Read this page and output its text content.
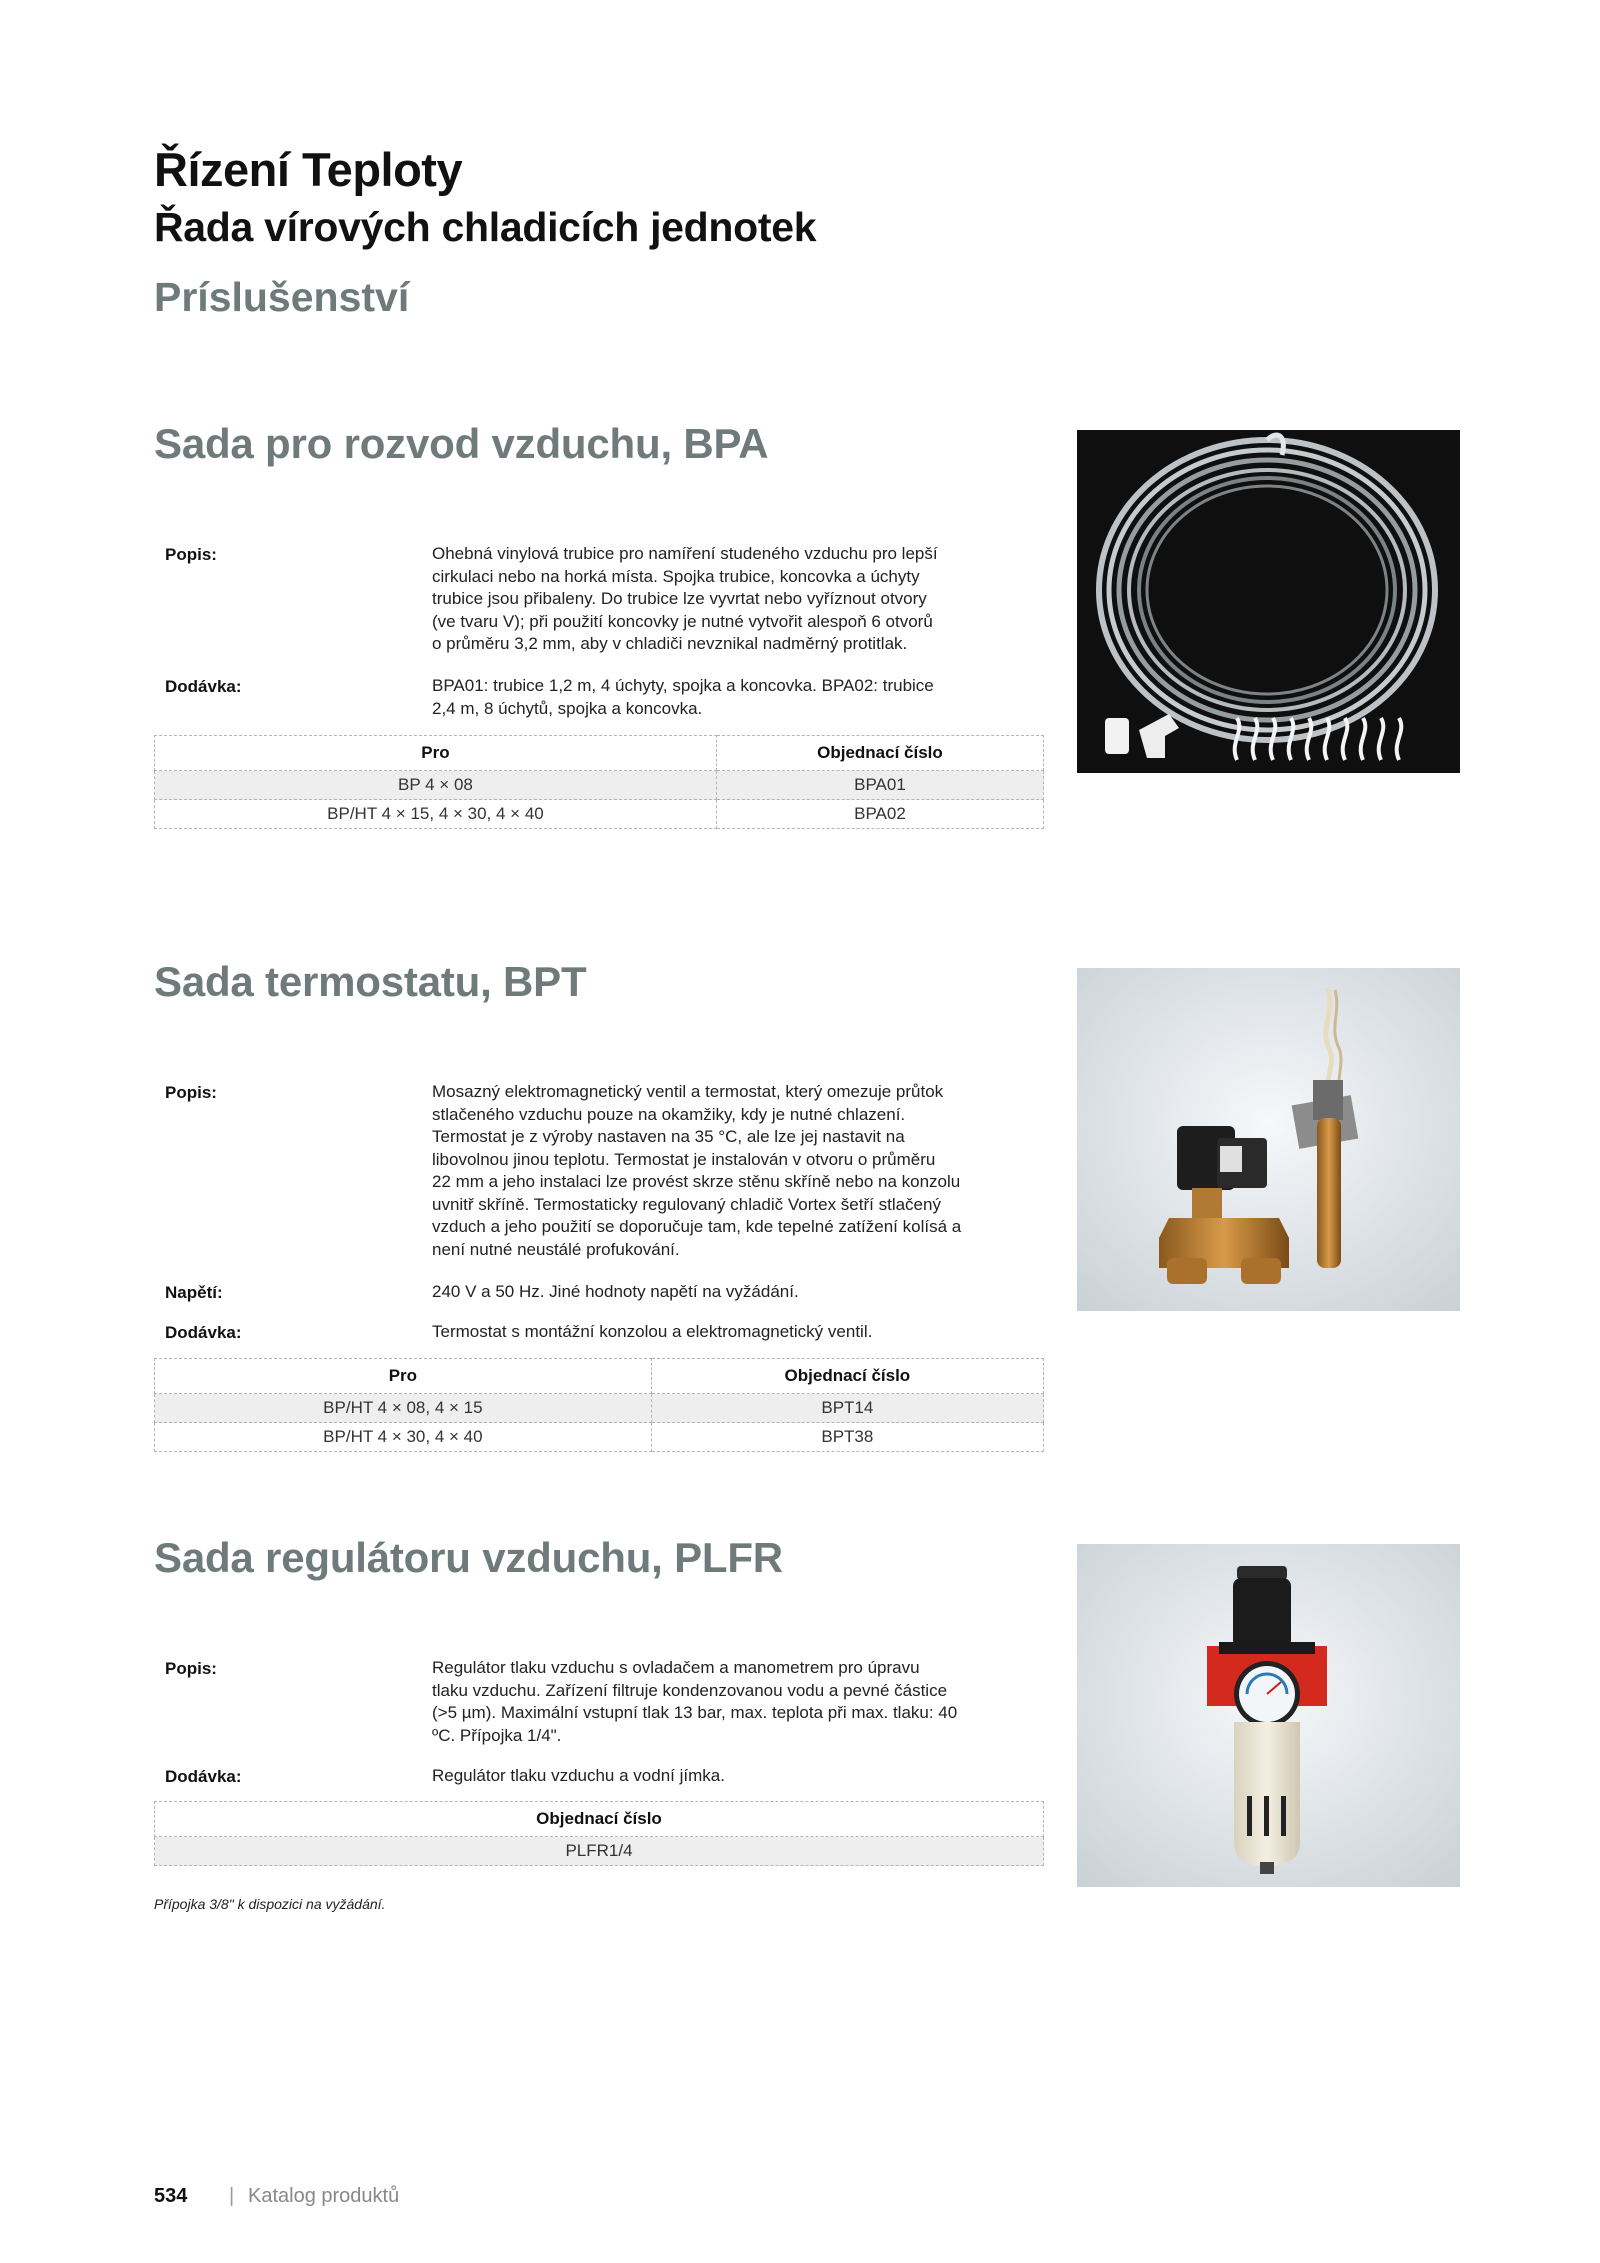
Řízení Teploty
Řada vírových chladicích jednotek
Príslušenství
Sada pro rozvod vzduchu, BPA
Popis:	Ohebná vinylová trubice pro namíření studeného vzduchu pro lepší
cirkulaci nebo na horká místa. Spojka trubice, koncovka a úchyty
trubice jsou přibaleny. Do trubice lze vyvrtat nebo vyříznout otvory
(ve tvaru V); při použití koncovky je nutné vytvořit alespoň 6 otvorů
o průměru 3,2 mm, aby v chladiči nevznikal nadměrný protitlak.
Dodávka:	BPA01: trubice 1,2 m, 4 úchyty, spojka a koncovka. BPA02: trubice
2,4 m, 8 úchytů, spojka a koncovka.
Pro	Objednací číslo
BP 4 × 08	BPA01
BP/HT 4 × 15, 4 × 30, 4 × 40	BPA02
Sada termostatu, BPT
Popis:	Mosazný elektromagnetický ventil a termostat, který omezuje průtok
stlačeného vzduchu pouze na okamžiky, kdy je nutné chlazení.
Termostat je z výroby nastaven na 35 °C, ale lze jej nastavit na
libovolnou jinou teplotu. Termostat je instalován v otvoru o průměru
22 mm a jeho instalaci lze provést skrze stěnu skříně nebo na konzolu
uvnitř skříně. Termostaticky regulovaný chladič Vortex šetří stlačený
vzduch a jeho použití se doporučuje tam, kde tepelné zatížení kolísá a
není nutné neustálé profukování.
Napětí:	240 V a 50 Hz. Jiné hodnoty napětí na vyžádání.
Dodávka:	Termostat s montážní konzolou a elektromagnetický ventil.
Pro	Objednací číslo
BP/HT 4 × 08, 4 × 15	BPT14
BP/HT 4 × 30, 4 × 40	BPT38
Sada regulátoru vzduchu, PLFR
Popis:	Regulátor tlaku vzduchu s ovladačem a manometrem pro úpravu
tlaku vzduchu. Zařízení filtruje kondenzovanou vodu a pevné částice
(>5 µm). Maximální vstupní tlak 13 bar, max. teplota při max. tlaku: 40
ºC. Přípojka 1/4".
Dodávka:	Regulátor tlaku vzduchu a vodní jímka.
Objednací číslo
PLFR1/4
Přípojka 3/8" k dispozici na vyžádání.
534 | Katalog produktů
